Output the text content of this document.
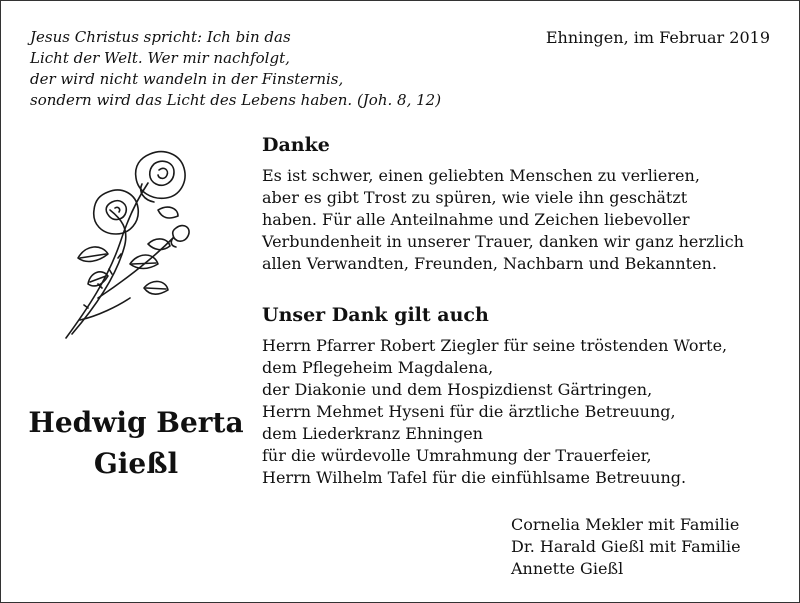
Jesus Christus spricht: Ich bin das
Licht der Welt. Wer mir nachfolgt,
der wird nicht wandeln in der Finsternis,
sondern wird das Licht des Lebens haben. (Joh. 8, 12)
Ehningen, im Februar 2019
Hedwig Berta
Gießl
Danke
Es ist schwer, einen geliebten Menschen zu verlieren,
aber es gibt Trost zu spüren, wie viele ihn geschätzt
haben. Für alle Anteilnahme und Zeichen liebevoller
Verbundenheit in unserer Trauer, danken wir ganz herzlich
allen Verwandten, Freunden, Nachbarn und Bekannten.
Unser Dank gilt auch
Herrn Pfarrer Robert Ziegler für seine tröstenden Worte,
dem Pflegeheim Magdalena,
der Diakonie und dem Hospizdienst Gärtringen,
Herrn Mehmet Hyseni für die ärztliche Betreuung,
dem Liederkranz Ehningen
für die würdevolle Umrahmung der Trauerfeier,
Herrn Wilhelm Tafel für die einfühlsame Betreuung.
Cornelia Mekler mit Familie
Dr. Harald Gießl mit Familie
Annette Gießl
